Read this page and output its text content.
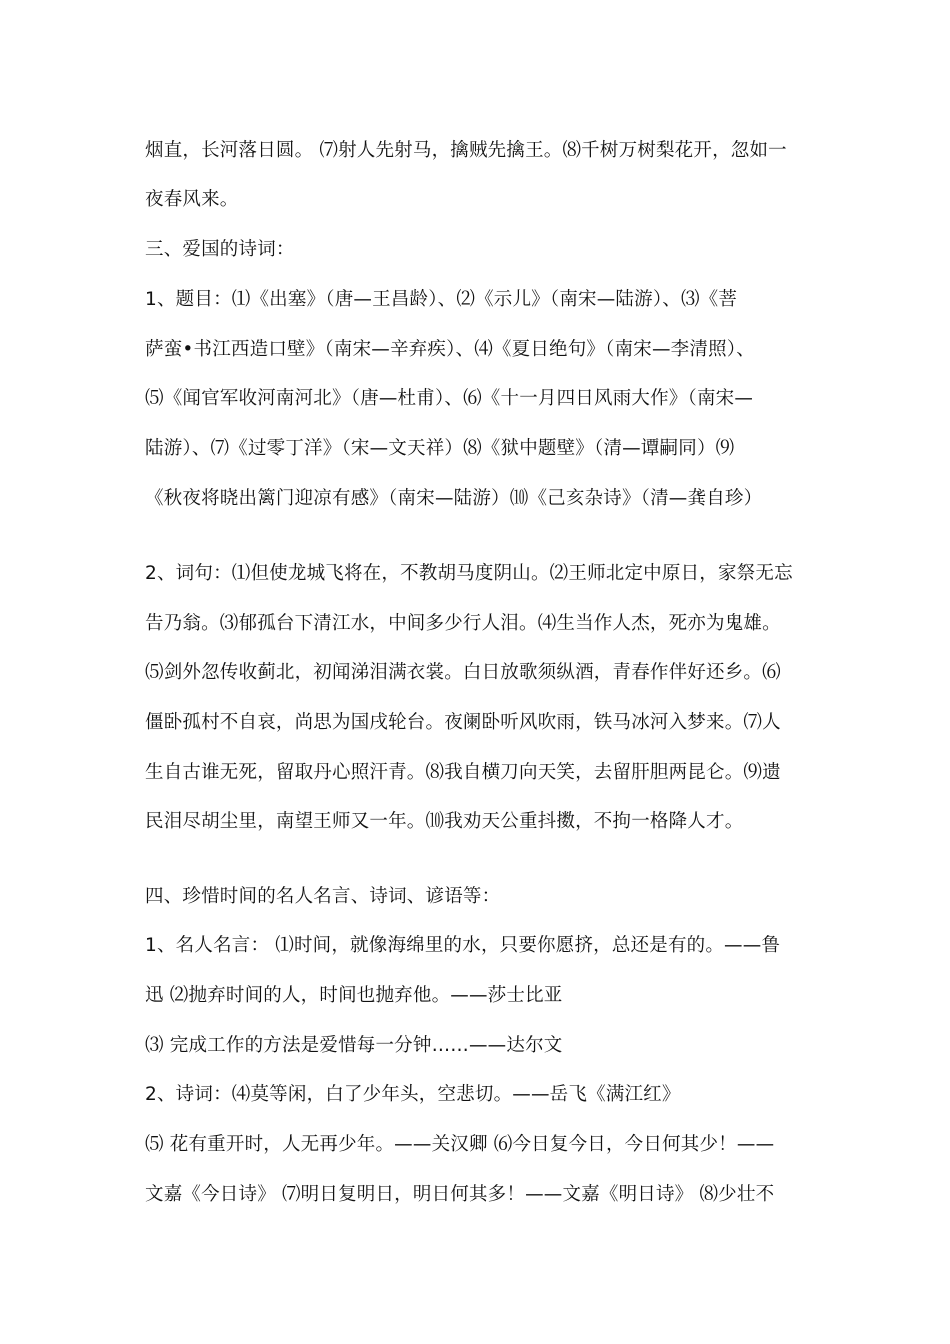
烟直，长河落日圆。 ⑺射人先射马，擒贼先擒王。⑻千树万树梨花开，忽如一
夜春风来。
三、爱国的诗词：
1、题目：⑴《出塞》（唐—王昌龄）、⑵《示儿》（南宋—陆游）、⑶《菩
萨蛮•书江西造口壁》（南宋—辛弃疾）、⑷《夏日绝句》（南宋—李清照）、
⑸《闻官军收河南河北》（唐—杜甫）、⑹《十一月四日风雨大作》（南宋—
陆游）、⑺《过零丁洋》（宋—文天祥）⑻《狱中题壁》（清—谭嗣同）⑼
《秋夜将晓出篱门迎凉有感》（南宋—陆游）⑽《己亥杂诗》（清—龚自珍）
2、词句：⑴但使龙城飞将在，不教胡马度阴山。⑵王师北定中原日，家祭无忘
告乃翁。⑶郁孤台下清江水，中间多少行人泪。⑷生当作人杰，死亦为鬼雄。
⑸剑外忽传收蓟北，初闻涕泪满衣裳。白日放歌须纵酒，青春作伴好还乡。⑹
僵卧孤村不自哀，尚思为国戌轮台。夜阑卧听风吹雨，铁马冰河入梦来。⑺人
生自古谁无死，留取丹心照汗青。⑻我自横刀向天笑，去留肝胆两昆仑。⑼遗
民泪尽胡尘里，南望王师又一年。⑽我劝天公重抖擞，不拘一格降人才。
四、珍惜时间的名人名言、诗词、谚语等：
1、名人名言： ⑴时间，就像海绵里的水，只要你愿挤，总还是有的。——鲁
迅 ⑵抛弃时间的人，时间也抛弃他。——莎士比亚
⑶ 完成工作的方法是爱惜每一分钟……——达尔文
2、诗词：⑷莫等闲，白了少年头，空悲切。——岳飞《满江红》
⑸ 花有重开时，人无再少年。——关汉卿 ⑹今日复今日，今日何其少！——
文嘉《今日诗》 ⑺明日复明日，明日何其多！——文嘉《明日诗》 ⑻少壮不
